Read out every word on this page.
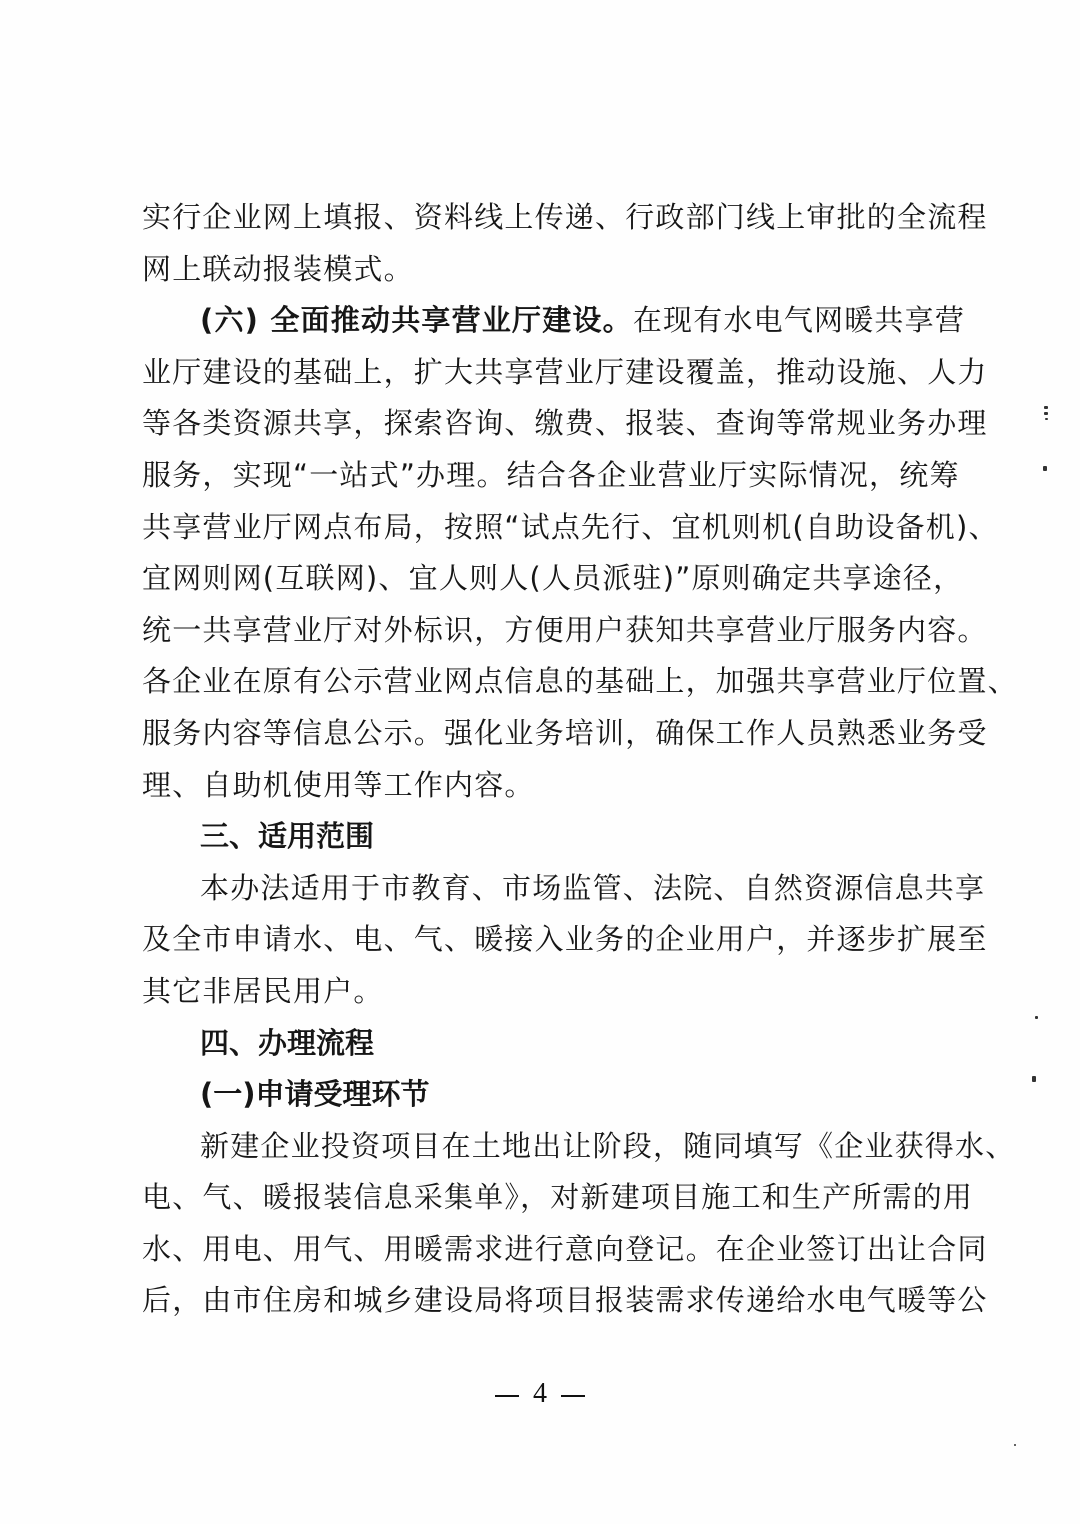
实行企业网上填报、资料线上传递、行政部门线上审批的全流程
网上联动报装模式。
(六) 全面推动共享营业厅建设。在现有水电气网暖共享营
业厅建设的基础上，扩大共享营业厅建设覆盖，推动设施、人力
等各类资源共享，探索咨询、缴费、报装、查询等常规业务办理
服务，实现“一站式”办理。结合各企业营业厅实际情况，统筹
共享营业厅网点布局，按照“试点先行、宜机则机(自助设备机)、
宜网则网(互联网)、宜人则人(人员派驻)”原则确定共享途径，
统一共享营业厅对外标识，方便用户获知共享营业厅服务内容。
各企业在原有公示营业网点信息的基础上，加强共享营业厅位置、
服务内容等信息公示。强化业务培训，确保工作人员熟悉业务受
理、自助机使用等工作内容。
三、适用范围
本办法适用于市教育、市场监管、法院、自然资源信息共享
及全市申请水、电、气、暖接入业务的企业用户，并逐步扩展至
其它非居民用户。
四、办理流程
(一)申请受理环节
新建企业投资项目在土地出让阶段，随同填写《企业获得水、
电、气、暖报装信息采集单》，对新建项目施工和生产所需的用
水、用电、用气、用暖需求进行意向登记。在企业签订出让合同
后，由市住房和城乡建设局将项目报装需求传递给水电气暖等公
4
